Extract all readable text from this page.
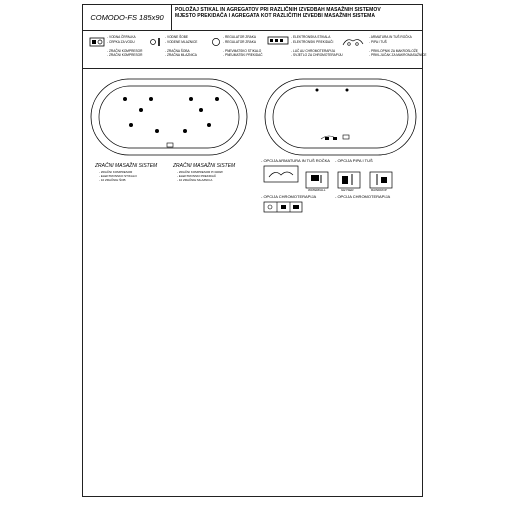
COMODO-FS 185x90
POLOŽAJ STIKAL IN AGREGATOV PRI RAZLIČNIH IZVEDBAH MASAŽNIH SISTEMOV
MJESTO PREKIDAČA I AGREGATA KOT RAZLIČITIH IZVEDBI MASAŽNIH SISTEMA
- VODNA ČRPALKA
- CRPKA ZA VODU

- ZRAČNI KOMPRESOR
- ZRAČNI KOMPRESOR
- VODNE ŠOBE
- VODENE MLAZNICE

- ZRAČNA ŠOBA
- ZRAČNA MLAZNICA
- REGULATOR ZRAKA
- REGULATOR ZRAKA

- PNEVMATSKO STIKALO
- PNEUMATSKI PREKIDAČ
- ELEKTRONSKA STIKALA
- ELEKTRONSKI PREKIDAČI

- LUČ AU CHROMOTERAPIJA
- SVJETLO ZA CHROMOTERAPIJU
- ARMATURA IN TUŠ ROČKA
- PIPA I TUŠ

- PRIKLOPNIK ZA MAKROSLOŽE
- PRIKLJUČAK ZA MAKROMASAŽNICE
ZRAČNI MASAŽNI SISTEM
- ZRAČNI KOMPRESOR
- ELEKTRONSKO STIKALO
- 10 ZRAČNIH ŠOB
ZRAČNI MASAŽNI SISTEM
- ZRAČNI KOMPRESOR P=400W
- ELEKTRONSKI PREKIDAČ
- 10 ZRAČNIH MLAZNICA
- OPCIJA ARMATURA IN TUŠ ROČKA - OPCIJA PIPA I TUŠ
WATERFALL	GEYSER	RAINDROP
- OPCIJA CHROMOTERAPIJA	- OPCIJA CHROMOTERAPIJA
